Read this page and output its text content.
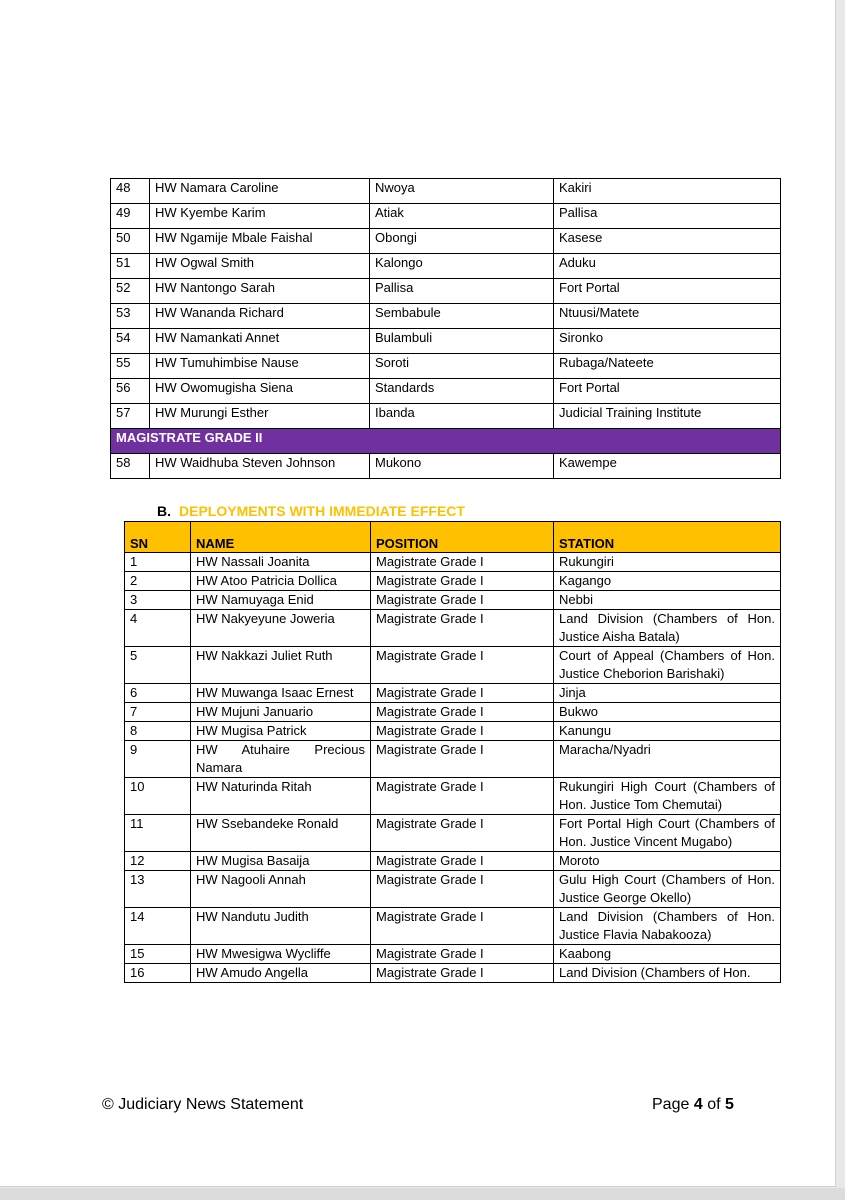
48	HW Namara Caroline	Nwoya	Kakiri
49	HW Kyembe Karim	Atiak	Pallisa
50	HW Ngamije Mbale Faishal	Obongi	Kasese
51	HW Ogwal Smith	Kalongo	Aduku
52	HW Nantongo Sarah	Pallisa	Fort Portal
53	HW Wananda Richard	Sembabule	Ntuusi/Matete
54	HW Namankati Annet	Bulambuli	Sironko
55	HW Tumuhimbise Nause	Soroti	Rubaga/Nateete
56	HW Owomugisha Siena	Standards	Fort Portal
57	HW Murungi Esther	Ibanda	Judicial Training Institute
MAGISTRATE GRADE II			
58	HW Waidhuba Steven Johnson	Mukono	Kawempe
B. DEPLOYMENTS WITH IMMEDIATE EFFECT
SN	NAME	POSITION	STATION
1	HW Nassali Joanita	Magistrate Grade I	Rukungiri
2	HW Atoo Patricia Dollica	Magistrate Grade I	Kagango
3	HW Namuyaga Enid	Magistrate Grade I	Nebbi
4	HW Nakyeyune Joweria	Magistrate Grade I	Land Division (Chambers of Hon. Justice Aisha Batala)
5	HW Nakkazi Juliet Ruth	Magistrate Grade I	Court of Appeal (Chambers of Hon. Justice Cheborion Barishaki)
6	HW Muwanga Isaac Ernest	Magistrate Grade I	Jinja
7	HW Mujuni Januario	Magistrate Grade I	Bukwo
8	HW Mugisa Patrick	Magistrate Grade I	Kanungu
9	HW Atuhaire Precious Namara	Magistrate Grade I	Maracha/Nyadri
10	HW Naturinda Ritah	Magistrate Grade I	Rukungiri High Court (Chambers of Hon. Justice Tom Chemutai)
11	HW Ssebandeke Ronald	Magistrate Grade I	Fort Portal High Court (Chambers of Hon. Justice Vincent Mugabo)
12	HW Mugisa Basaija	Magistrate Grade I	Moroto
13	HW Nagooli Annah	Magistrate Grade I	Gulu High Court (Chambers of Hon. Justice George Okello)
14	HW Nandutu Judith	Magistrate Grade I	Land Division (Chambers of Hon. Justice Flavia Nabakooza)
15	HW Mwesigwa Wycliffe	Magistrate Grade I	Kaabong
16	HW Amudo Angella	Magistrate Grade I	Land Division (Chambers of Hon.
© Judiciary News Statement	Page 4 of 5
